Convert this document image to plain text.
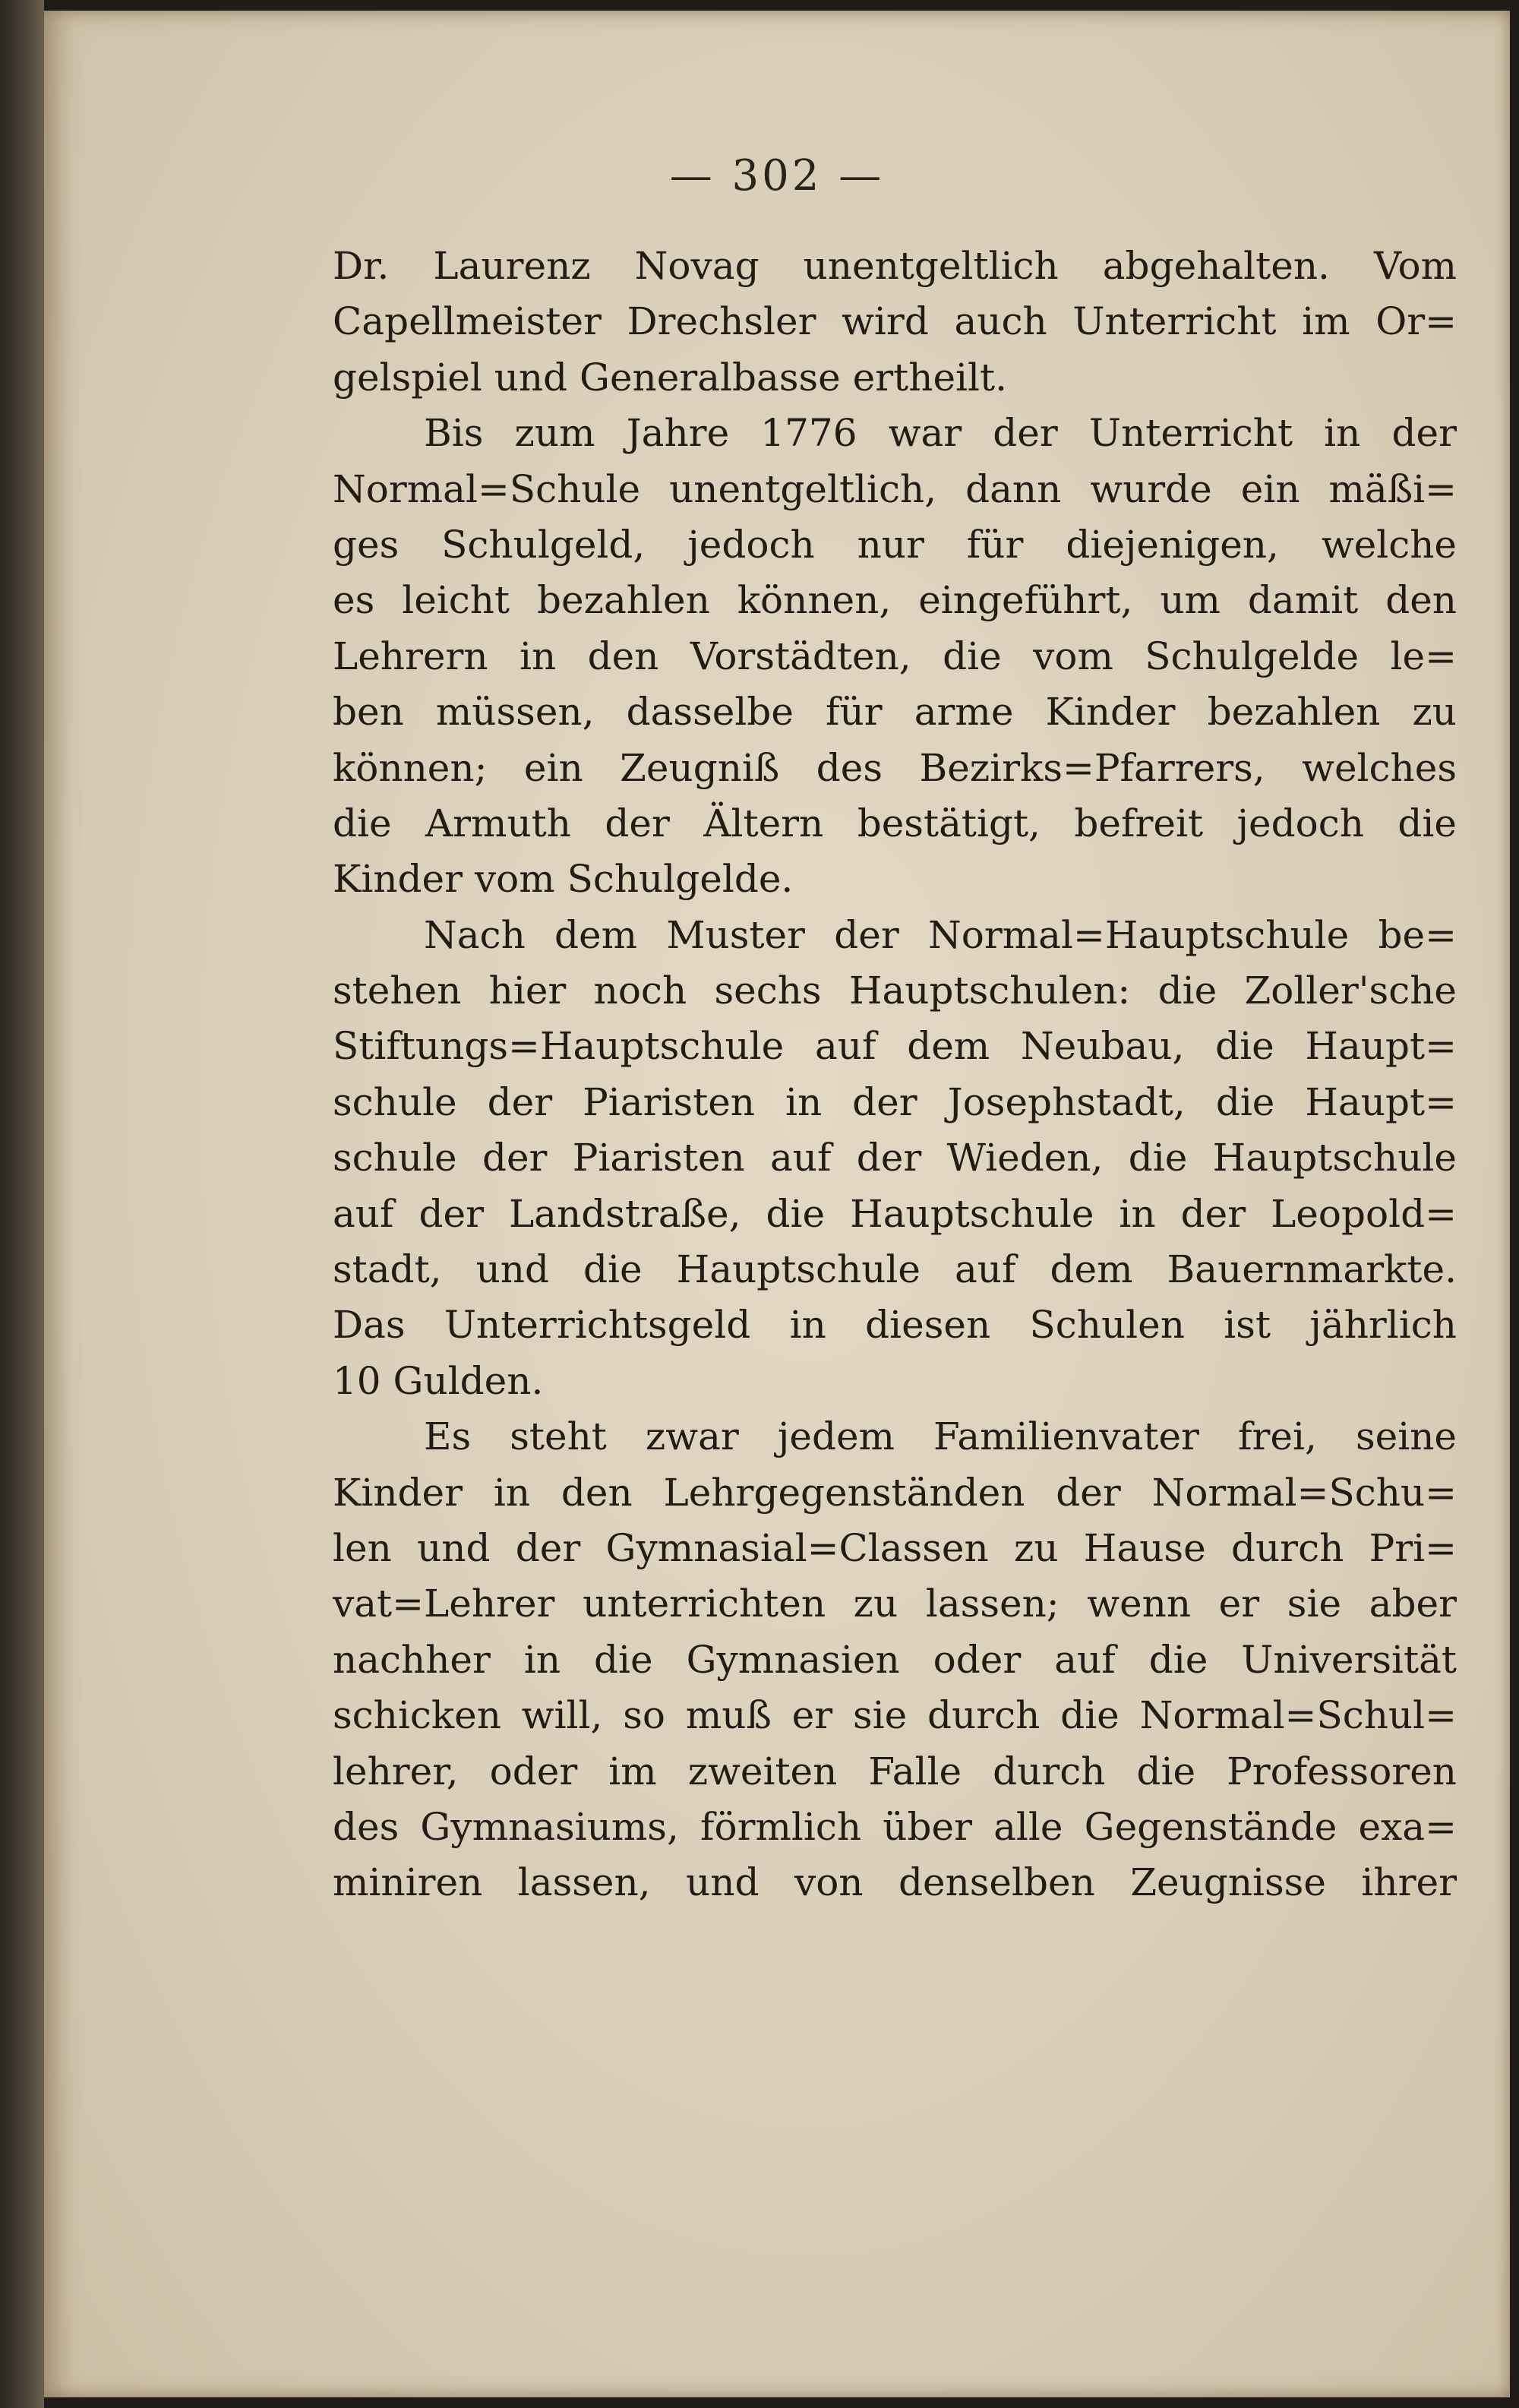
— 302 —
Dr. Laurenz Novag unentgeltlich abgehalten. Vom
Capellmeister Drechsler wird auch Unterricht im Or=
gelspiel und Generalbasse ertheilt.
Bis zum Jahre 1776 war der Unterricht in der
Normal=Schule unentgeltlich, dann wurde ein mäßi=
ges Schulgeld, jedoch nur für diejenigen, welche
es leicht bezahlen können, eingeführt, um damit den
Lehrern in den Vorstädten, die vom Schulgelde le=
ben müssen, dasselbe für arme Kinder bezahlen zu
können; ein Zeugniß des Bezirks=Pfarrers, welches
die Armuth der Ältern bestätigt, befreit jedoch die
Kinder vom Schulgelde.
Nach dem Muster der Normal=Hauptschule be=
stehen hier noch sechs Hauptschulen: die Zoller'sche
Stiftungs=Hauptschule auf dem Neubau, die Haupt=
schule der Piaristen in der Josephstadt, die Haupt=
schule der Piaristen auf der Wieden, die Hauptschule
auf der Landstraße, die Hauptschule in der Leopold=
stadt, und die Hauptschule auf dem Bauernmarkte.
Das Unterrichtsgeld in diesen Schulen ist jährlich
10 Gulden.
Es steht zwar jedem Familienvater frei, seine
Kinder in den Lehrgegenständen der Normal=Schu=
len und der Gymnasial=Classen zu Hause durch Pri=
vat=Lehrer unterrichten zu lassen; wenn er sie aber
nachher in die Gymnasien oder auf die Universität
schicken will, so muß er sie durch die Normal=Schul=
lehrer, oder im zweiten Falle durch die Professoren
des Gymnasiums, förmlich über alle Gegenstände exa=
miniren lassen, und von denselben Zeugnisse ihrer
